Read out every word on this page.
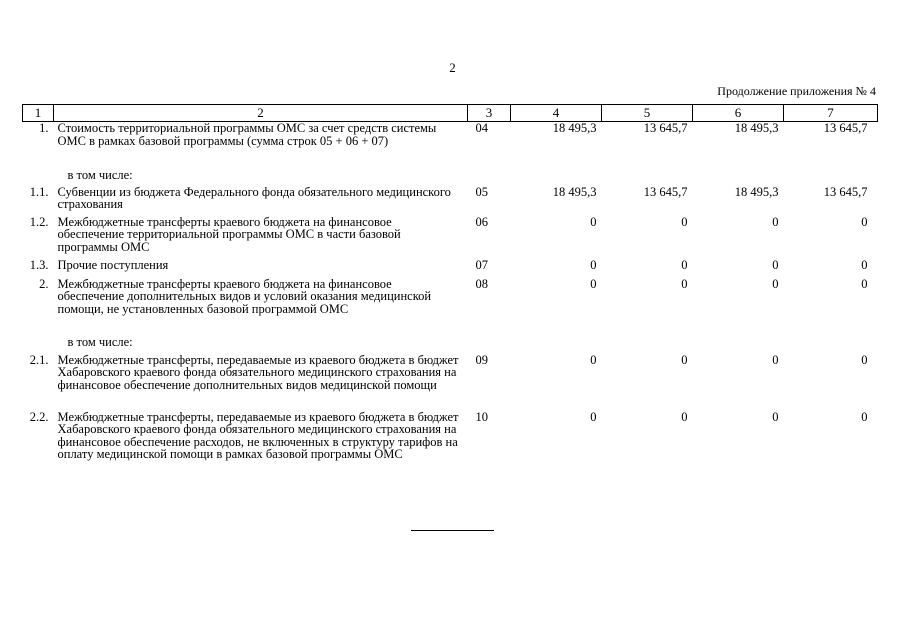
2
Продолжение приложения № 4
1	2	3	4	5	6	7
1.	Стоимость территориальной программы ОМС за счет средств системы ОМС в рамках базовой программы (сумма строк 05 + 06 + 07)	04	18 495,3	13 645,7	18 495,3	13 645,7
	в том числе:					
1.1.	Субвенции из бюджета Федерального фонда обязательного медицинского страхования	05	18 495,3	13 645,7	18 495,3	13 645,7
1.2.	Межбюджетные трансферты краевого бюджета на финансовое обеспечение территориальной программы ОМС в части базовой программы ОМС	06	0	0	0	0
1.3.	Прочие поступления	07	0	0	0	0
2.	Межбюджетные трансферты краевого бюджета на финансовое обеспечение дополнительных видов и условий оказания медицинской помощи, не установленных базовой программой ОМС	08	0	0	0	0
	в том числе:					
2.1.	Межбюджетные трансферты, передаваемые из краевого бюджета в бюджет Хабаровского краевого фонда обязательного медицинского страхования на финансовое обеспечение дополнительных видов медицинской помощи	09	0	0	0	0
2.2.	Межбюджетные трансферты, передаваемые из краевого бюджета в бюджет Хабаровского краевого фонда обязательного медицинского страхования на финансовое обеспечение расходов, не включенных в структуру тарифов на оплату медицинской помощи в рамках базовой программы ОМС	10	0	0	0	0
